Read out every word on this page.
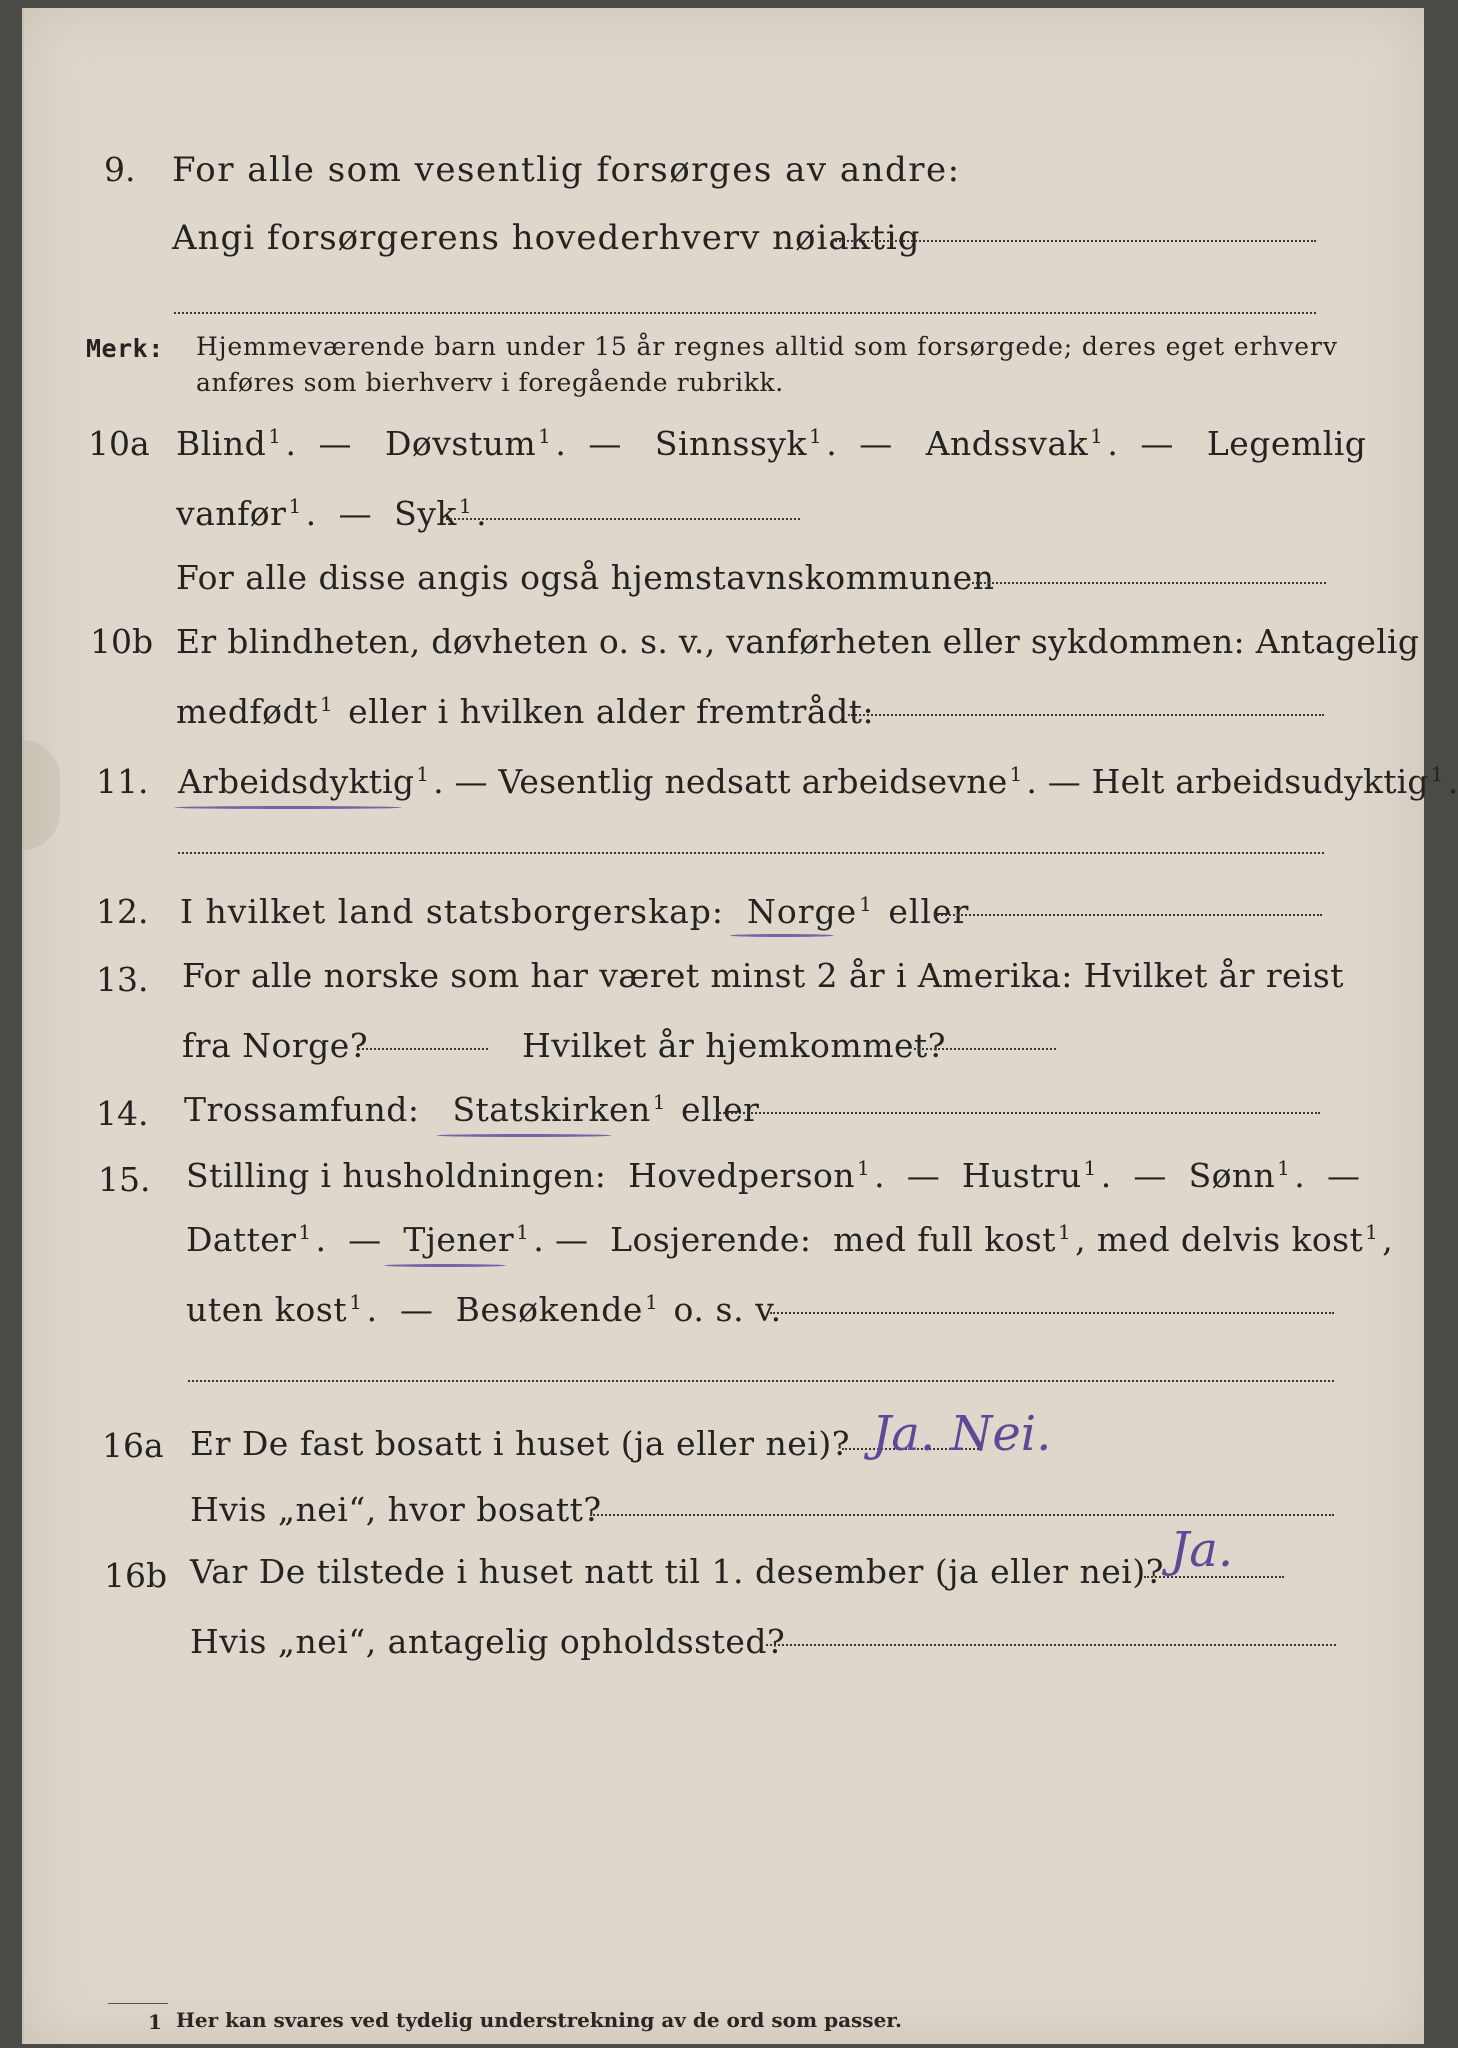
9. For alle som vesentlig forsørges av andre:
Angi forsørgerens hovederhverv nøiaktig
Merk: Hjemmeværende barn under 15 år regnes alltid som forsørgede; deres eget erhverv
anføres som bierhverv i foregående rubrikk.
10a Blind $^1$ .  —   Døvstum $^1$ .  —   Sinnssyk $^1$ .  —   Andssvak $^1$ .  —   Legemlig
vanfør $^1$ .  —  Syk $^1$ .
For alle disse angis også hjemstavnskommunen
10b Er blindheten, døvheten o. s. v., vanførheten eller sykdommen: Antagelig
medfødt $^1$ eller i hvilken alder fremtrådt:
11. Arbeidsdyktig $^1$ . — Vesentlig nedsatt arbeidsevne $^1$ . — Helt arbeidsudyktig $^1$ .
12. I hvilket land statsborgerskap: Norge $^1$ eller
13. For alle norske som har været minst 2 år i Amerika: Hvilket år reist
fra Norge?	Hvilket år hjemkommet?
14. Trossamfund: Statskirken $^1$ eller
15. Stilling i husholdningen: Hovedperson $^1$ .  —  Hustru $^1$ .  —  Sønn $^1$ .  —
Datter $^1$ .  —  Tjener $^1$ . —  Losjerende: med full kost $^1$ , med delvis kost $^1$ ,
uten kost $^1$ .  —  Besøkende $^1$ o. s. v.
16a Er De fast bosatt i huset (ja eller nei)? Ja. Nei.
Hvis „nei“, hvor bosatt?
16b Var De tilstede i huset natt til 1. desember (ja eller nei)? Ja.
Hvis „nei“, antagelig opholdssted?
1 Her kan svares ved tydelig understrekning av de ord som passer.
